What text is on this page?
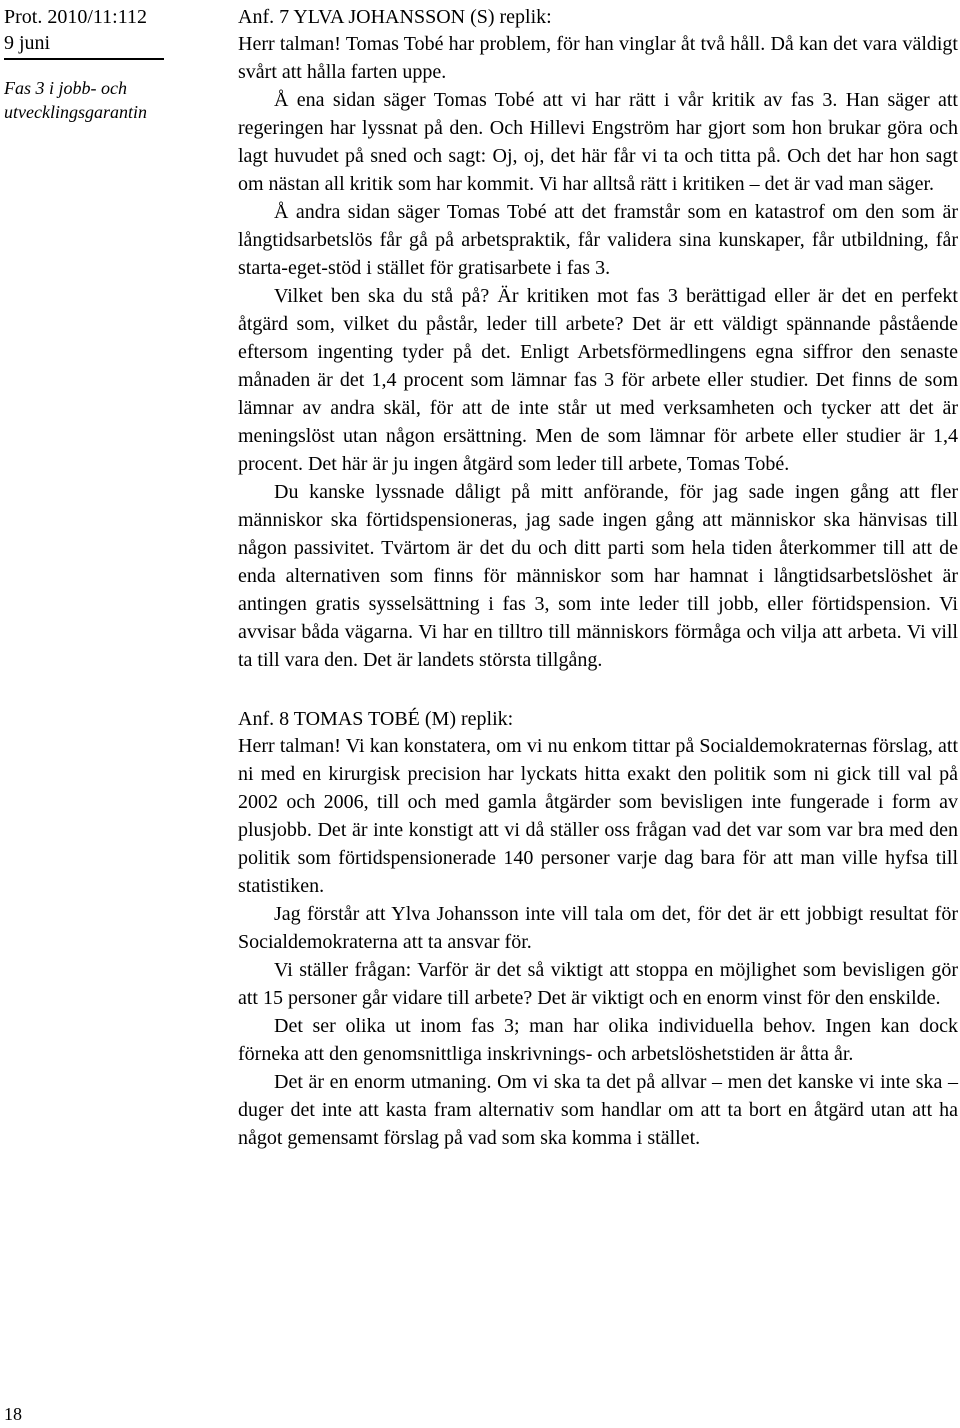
Prot. 2010/11:112
9 juni
Fas 3 i jobb- och utvecklingsgarantin
18
Anf. 7 YLVA JOHANSSON (S) replik:

Herr talman! Tomas Tobé har problem, för han vinglar åt två håll. Då kan det vara väldigt svårt att hålla farten uppe.

Å ena sidan säger Tomas Tobé att vi har rätt i vår kritik av fas 3. Han säger att regeringen har lyssnat på den. Och Hillevi Engström har gjort som hon brukar göra och lagt huvudet på sned och sagt: Oj, oj, det här får vi ta och titta på. Och det har hon sagt om nästan all kritik som har kommit. Vi har alltså rätt i kritiken – det är vad man säger.

Å andra sidan säger Tomas Tobé att det framstår som en katastrof om den som är långtidsarbetslös får gå på arbetspraktik, får validera sina kunskaper, får utbildning, får starta-eget-stöd i stället för gratisarbete i fas 3.

Vilket ben ska du stå på? Är kritiken mot fas 3 berättigad eller är det en perfekt åtgärd som, vilket du påstår, leder till arbete? Det är ett väldigt spännande påstående eftersom ingenting tyder på det. Enligt Arbetsförmedlingens egna siffror den senaste månaden är det 1,4 procent som lämnar fas 3 för arbete eller studier. Det finns de som lämnar av andra skäl, för att de inte står ut med verksamheten och tycker att det är meningslöst utan någon ersättning. Men de som lämnar för arbete eller studier är 1,4 procent. Det här är ju ingen åtgärd som leder till arbete, Tomas Tobé.

Du kanske lyssnade dåligt på mitt anförande, för jag sade ingen gång att fler människor ska förtidspensioneras, jag sade ingen gång att människor ska hänvisas till någon passivitet. Tvärtom är det du och ditt parti som hela tiden återkommer till att de enda alternativen som finns för människor som har hamnat i långtidsarbetslöshet är antingen gratis sysselsättning i fas 3, som inte leder till jobb, eller förtidspension. Vi avvisar båda vägarna. Vi har en tilltro till människors förmåga och vilja att arbeta. Vi vill ta till vara den. Det är landets största tillgång.

Anf. 8 TOMAS TOBÉ (M) replik:

Herr talman! Vi kan konstatera, om vi nu enkom tittar på Socialdemokraternas förslag, att ni med en kirurgisk precision har lyckats hitta exakt den politik som ni gick till val på 2002 och 2006, till och med gamla åtgärder som bevisligen inte fungerade i form av plusjobb. Det är inte konstigt att vi då ställer oss frågan vad det var som var bra med den politik som förtidspensionerade 140 personer varje dag bara för att man ville hyfsa till statistiken.

Jag förstår att Ylva Johansson inte vill tala om det, för det är ett jobbigt resultat för Socialdemokraterna att ta ansvar för.

Vi ställer frågan: Varför är det så viktigt att stoppa en möjlighet som bevisligen gör att 15 personer går vidare till arbete? Det är viktigt och en enorm vinst för den enskilde.

Det ser olika ut inom fas 3; man har olika individuella behov. Ingen kan dock förneka att den genomsnittliga inskrivnings- och arbetslöshetstiden är åtta år.

Det är en enorm utmaning. Om vi ska ta det på allvar – men det kanske vi inte ska – duger det inte att kasta fram alternativ som handlar om att ta bort en åtgärd utan att ha något gemensamt förslag på vad som ska komma i stället.
